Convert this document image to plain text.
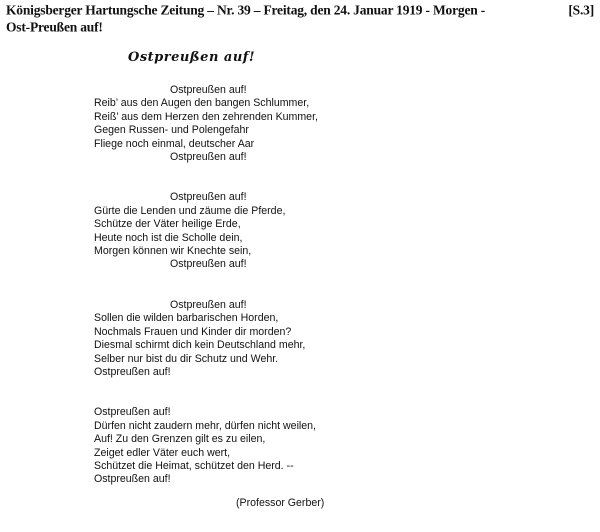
Königsberger Hartungsche Zeitung – Nr. 39 – Freitag, den 24. Januar 1919 - Morgen -	[S.3]
Ost-Preußen auf!
Ostpreußen auf!
Ostpreußen auf!
Reib’ aus den Augen den bangen Schlummer,
Reiß’ aus dem Herzen den zehrenden Kummer,
Gegen Russen- und Polengefahr
Fliege noch einmal, deutscher Aar
Ostpreußen auf!
Ostpreußen auf!
Gürte die Lenden und zäume die Pferde,
Schütze der Väter heilige Erde,
Heute noch ist die Scholle dein,
Morgen können wir Knechte sein,
Ostpreußen auf!
Ostpreußen auf!
Sollen die wilden barbarischen Horden,
Nochmals Frauen und Kinder dir morden?
Diesmal schirmt dich kein Deutschland mehr,
Selber nur bist du dir Schutz und Wehr.
Ostpreußen auf!
Ostpreußen auf!
Dürfen nicht zaudern mehr, dürfen nicht weilen,
Auf! Zu den Grenzen gilt es zu eilen,
Zeiget edler Väter euch wert,
Schützet die Heimat, schützet den Herd. --
Ostpreußen auf!
(Professor Gerber)
